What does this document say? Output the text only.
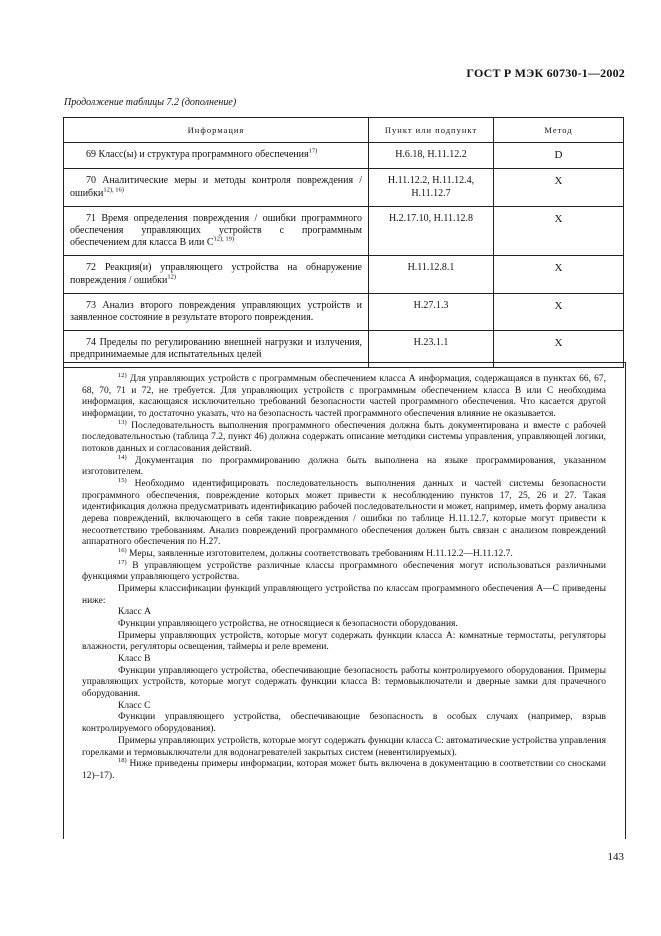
ГОСТ Р МЭК 60730-1—2002
Продолжение таблицы 7.2 (дополнение)
Информация	Пункт или подпункт	Метод

69 Класс(ы) и структура программного обеспечения$^{17)}$	H.6.18, H.11.12.2	D

70 Аналитические меры и методы контроля повреждения / ошибки$^{12), 16)}$	H.11.12.2, H.11.12.4, H.11.12.7	X

71 Время определения повреждения / ошибки программного обеспечения управляющих устройств с программным обеспечением для класса B или $C^{12), 19)}$	H.2.17.10, H.11.12.8	X

72 Реакция(и) управляющего устройства на обнаружение повреждения / ошибки$^{12)}$	H.11.12.8.1	X

73 Анализ второго повреждения управляющих устройств и заявленное состояние в результате второго повреждения.	H.27.1.3	X

74 Пределы по регулированию внешней нагрузки и излучения, предпринимаемые для испытательных целей	H.23.1.1	X

$^{12)}$ Для управляющих устройств с программным обеспечением класса А информация, содержащаяся в пунктах 66, 67, 68, 70, 71 и 72, не требуется. Для управляющих устройств с программным обеспечением класса B или C необходима информация, касающаяся исключительно требований безопасности частей программного обеспечения. Что касается другой информации, то достаточно указать, что на безопасность частей программного обеспечения влияние не оказывается.

$^{13)}$ Последовательность выполнения программного обеспечения должна быть документирована и вместе с рабочей последовательностью (таблица 7.2, пункт 46) должна содержать описание методики системы управления, управляющей логики, потоков данных и согласования действий.

$^{14)}$ Документация по программированию должна быть выполнена на языке программирования, указанном изготовителем.

$^{15)}$ Необходимо идентифицировать последовательность выполнения данных и частей системы безопасности программного обеспечения, повреждение которых может привести к несоблюдению пунктов 17, 25, 26 и 27. Такая идентификация должна предусматривать идентификацию рабочей последовательности и может, например, иметь форму анализа дерева повреждений, включающего в себя такие повреждения / ошибки по таблице H.11.12.7, которые могут привести к несоответствию требованиям. Анализ повреждений программного обеспечения должен быть связан с анализом повреждений аппаратного обеспечения по H.27.

$^{16)}$ Меры, заявленные изготовителем, должны соответствовать требованиям H.11.12.2—H.11.12.7.

$^{17)}$ В управляющем устройстве различные классы программного обеспечения могут использоваться различными функциями управляющего устройства.

Примеры классификации функций управляющего устройства по классам программного обеспечения A—C приведены ниже:

Класс А

Функции управляющего устройства, не относящиеся к безопасности оборудования.

Примеры управляющих устройств, которые могут содержать функции класса А: комнатные термостаты, регуляторы влажности, регуляторы освещения, таймеры и реле времени.

Класс B

Функции управляющего устройства, обеспечивающие безопасность работы контролируемого оборудования. Примеры управляющих устройств, которые могут содержать функции класса B: термовыключатели и дверные замки для прачечного оборудования.

Класс C

Функции управляющего устройства, обеспечивающие безопасность в особых случаях (например, взрыв контролируемого оборудования).

Примеры управляющих устройств, которые могут содержать функции класса C: автоматические устройства управления горелками и термовыключатели для водонагревателей закрытых систем (невентилируемых).

$^{18)}$ Ниже приведены примеры информации, которая может быть включена в документацию в соответствии со сносками 12)–17).

143
